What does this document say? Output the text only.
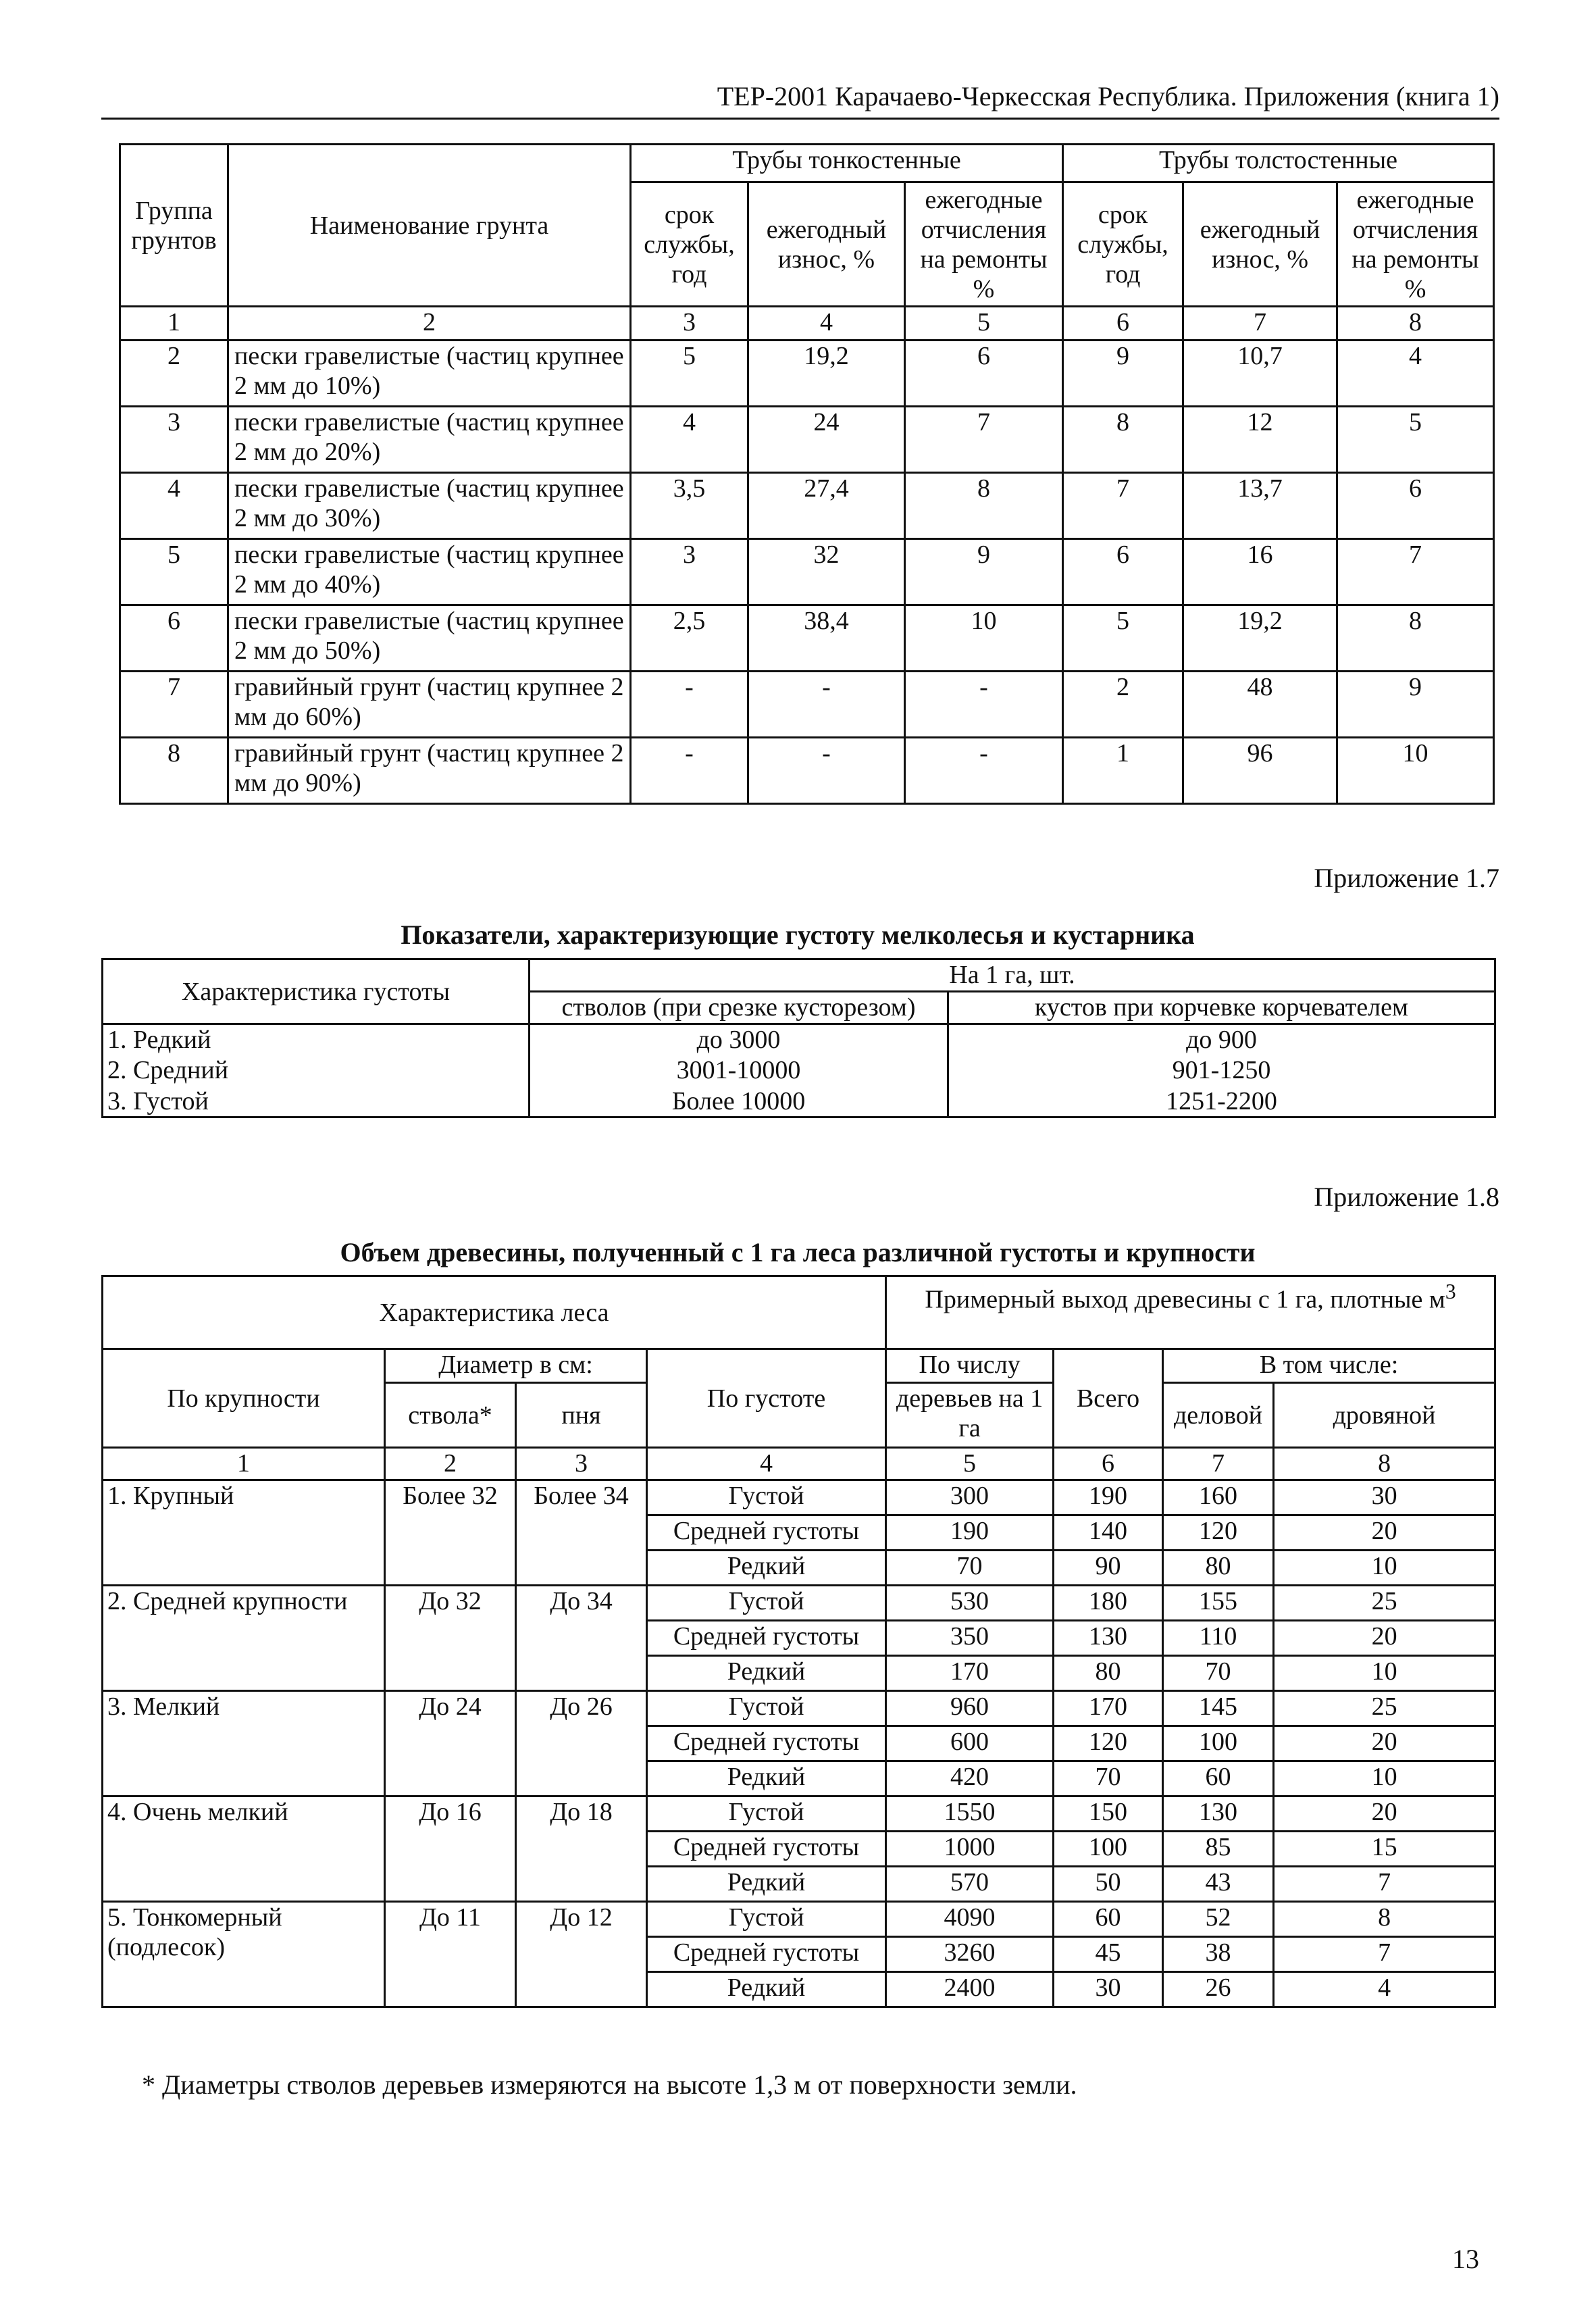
ТЕР-2001 Карачаево-Черкесская Республика. Приложения (книга 1)
Группа грунтов	Наименование грунта	Трубы тонкостенные			Трубы толстостенные		
		срок службы, год	ежегодный износ, %	ежегодные отчисления на ремонты %	срок службы, год	ежегодный износ, %	ежегодные отчисления на ремонты %
1	2	3	4	5	6	7	8
2	пески гравелистые (частиц крупнее 2 мм до 10%)	5	19,2	6	9	10,7	4
3	пески гравелистые (частиц крупнее 2 мм до 20%)	4	24	7	8	12	5
4	пески гравелистые (частиц крупнее 2 мм до 30%)	3,5	27,4	8	7	13,7	6
5	пески гравелистые (частиц крупнее 2 мм до 40%)	3	32	9	6	16	7
6	пески гравелистые (частиц крупнее 2 мм до 50%)	2,5	38,4	10	5	19,2	8
7	гравийный грунт (частиц крупнее 2 мм до 60%)	-	-	-	2	48	9
8	гравийный грунт (частиц крупнее 2 мм до 90%)	-	-	-	1	96	10
Приложение 1.7
Показатели, характеризующие густоту мелколесья и кустарника
Характеристика густоты	На 1 га, шт.	
	стволов (при срезке кусторезом)	кустов при корчевке корчевателем
1. Редкий	до 3000	до 900
2. Средний	3001-10000	901-1250
3. Густой	Более 10000	1251-2200
Приложение 1.8
Объем древесины, полученный с 1 га леса различной густоты и крупности
Характеристика леса				Примерный выход древесины с 1 га, плотные $м^3$
По крупности	Диаметр в см:		По густоте	По числу	Всего	В том числе:	
	ствола*	пня		деревьев на 1 га		деловой	дровяной
1	2	3	4	5	6	7	8
1. Крупный	Более 32	Более 34	Густой	300	190	160	30
			Средней густоты	190	140	120	20
			Редкий	70	90	80	10
2. Средней крупности	До 32	До 34	Густой	530	180	155	25
			Средней густоты	350	130	110	20
			Редкий	170	80	70	10
3. Мелкий	До 24	До 26	Густой	960	170	145	25
			Средней густоты	600	120	100	20
			Редкий	420	70	60	10
4. Очень мелкий	До 16	До 18	Густой	1550	150	130	20
			Средней густоты	1000	100	85	15
			Редкий	570	50	43	7
5. Тонкомерный (подлесок)	До 11	До 12	Густой	4090	60	52	8
			Средней густоты	3260	45	38	7
			Редкий	2400	30	26	4
* Диаметры стволов деревьев измеряются на высоте 1,3 м от поверхности земли.
13
